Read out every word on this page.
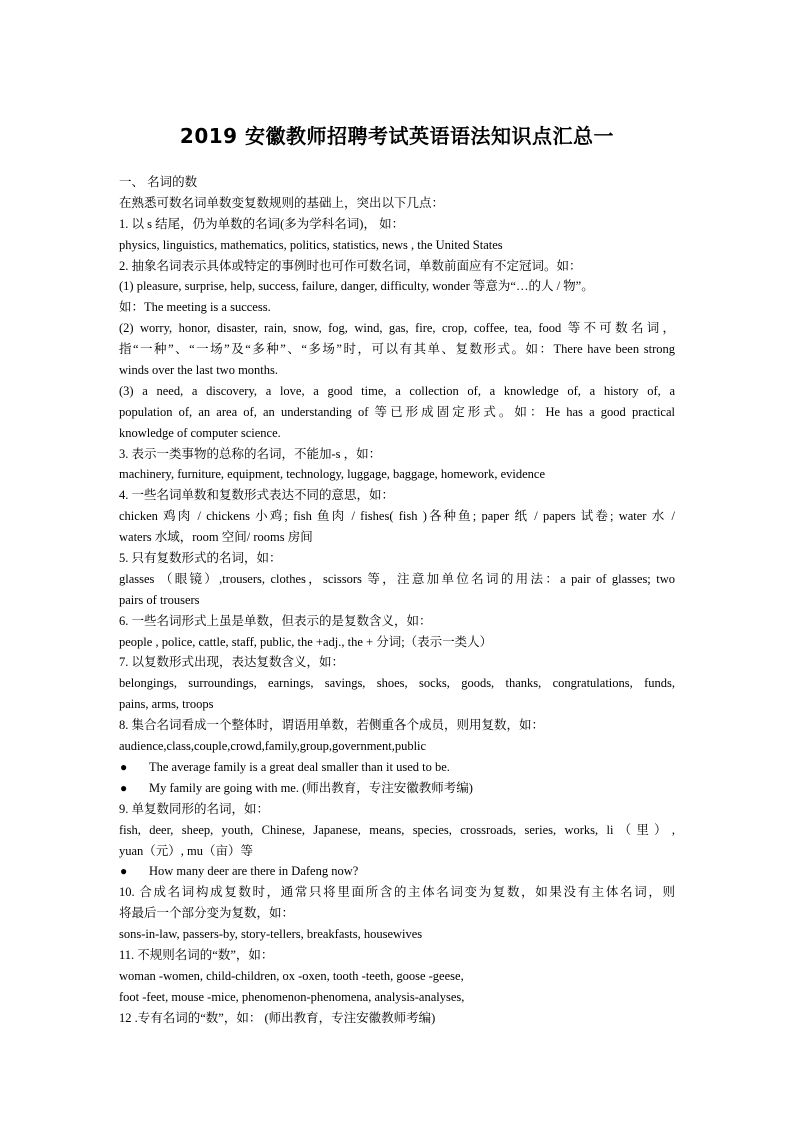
2019 安徽教师招聘考试英语语法知识点汇总一
一、 名词的数
在熟悉可数名词单数变复数规则的基础上，突出以下几点：
1. 以 s 结尾，仍为单数的名词(多为学科名词)， 如：
physics, linguistics, mathematics, politics, statistics, news , the United States
2. 抽象名词表示具体或特定的事例时也可作可数名词，单数前面应有不定冠词。如：
(1) pleasure, surprise, help, success, failure, danger, difficulty, wonder 等意为“…的人 / 物”。
如：The meeting is a success.
(2) worry, honor, disaster, rain, snow, fog, wind, gas, fire, crop, coffee, tea, food 等不可数名词，
指“一种”、“一场”及“多种”、“多场”时，可以有其单、复数形式。如：There have been strong
winds over the last two months.
(3) a need, a discovery, a love, a good time, a collection of, a knowledge of, a history of, a
population of, an area of, an understanding of 等已形成固定形式。如：He has a good practical
knowledge of computer science.
3. 表示一类事物的总称的名词，不能加-s ，如：
machinery, furniture, equipment, technology, luggage, baggage, homework, evidence
4. 一些名词单数和复数形式表达不同的意思，如：
chicken 鸡肉 / chickens 小鸡; fish 鱼肉 / fishes( fish )各种鱼; paper 纸 / papers 试卷; water 水 /
waters 水域，room 空间/ rooms 房间
5. 只有复数形式的名词，如：
glasses （眼镜）,trousers, clothes，scissors 等，注意加单位名词的用法：a pair of glasses; two
pairs of trousers
6. 一些名词形式上虽是单数，但表示的是复数含义，如：
people , police, cattle, staff, public, the +adj., the + 分词;（表示一类人）
7. 以复数形式出现，表达复数含义，如：
belongings, surroundings, earnings, savings, shoes, socks, goods, thanks, congratulations, funds,
pains, arms, troops
8. 集合名词看成一个整体时，谓语用单数，若侧重各个成员，则用复数，如：
audience,class,couple,crowd,family,group,government,public
● The average family is a great deal smaller than it used to be.
● My family are going with me. (师出教育，专注安徽教师考编)
9. 单复数同形的名词，如：
fish, deer, sheep, youth, Chinese, Japanese, means, species, crossroads, series, works, li（里）,
yuan（元）, mu（亩）等
● How many deer are there in Dafeng now?
10. 合成名词构成复数时，通常只将里面所含的主体名词变为复数，如果没有主体名词，则
将最后一个部分变为复数，如：
sons-in-law, passers-by, story-tellers, breakfasts, housewives
11. 不规则名词的“数”，如：
woman -women, child-children, ox -oxen, tooth -teeth, goose -geese,
foot -feet, mouse -mice, phenomenon-phenomena, analysis-analyses,
12 .专有名词的“数”，如： (师出教育，专注安徽教师考编)
